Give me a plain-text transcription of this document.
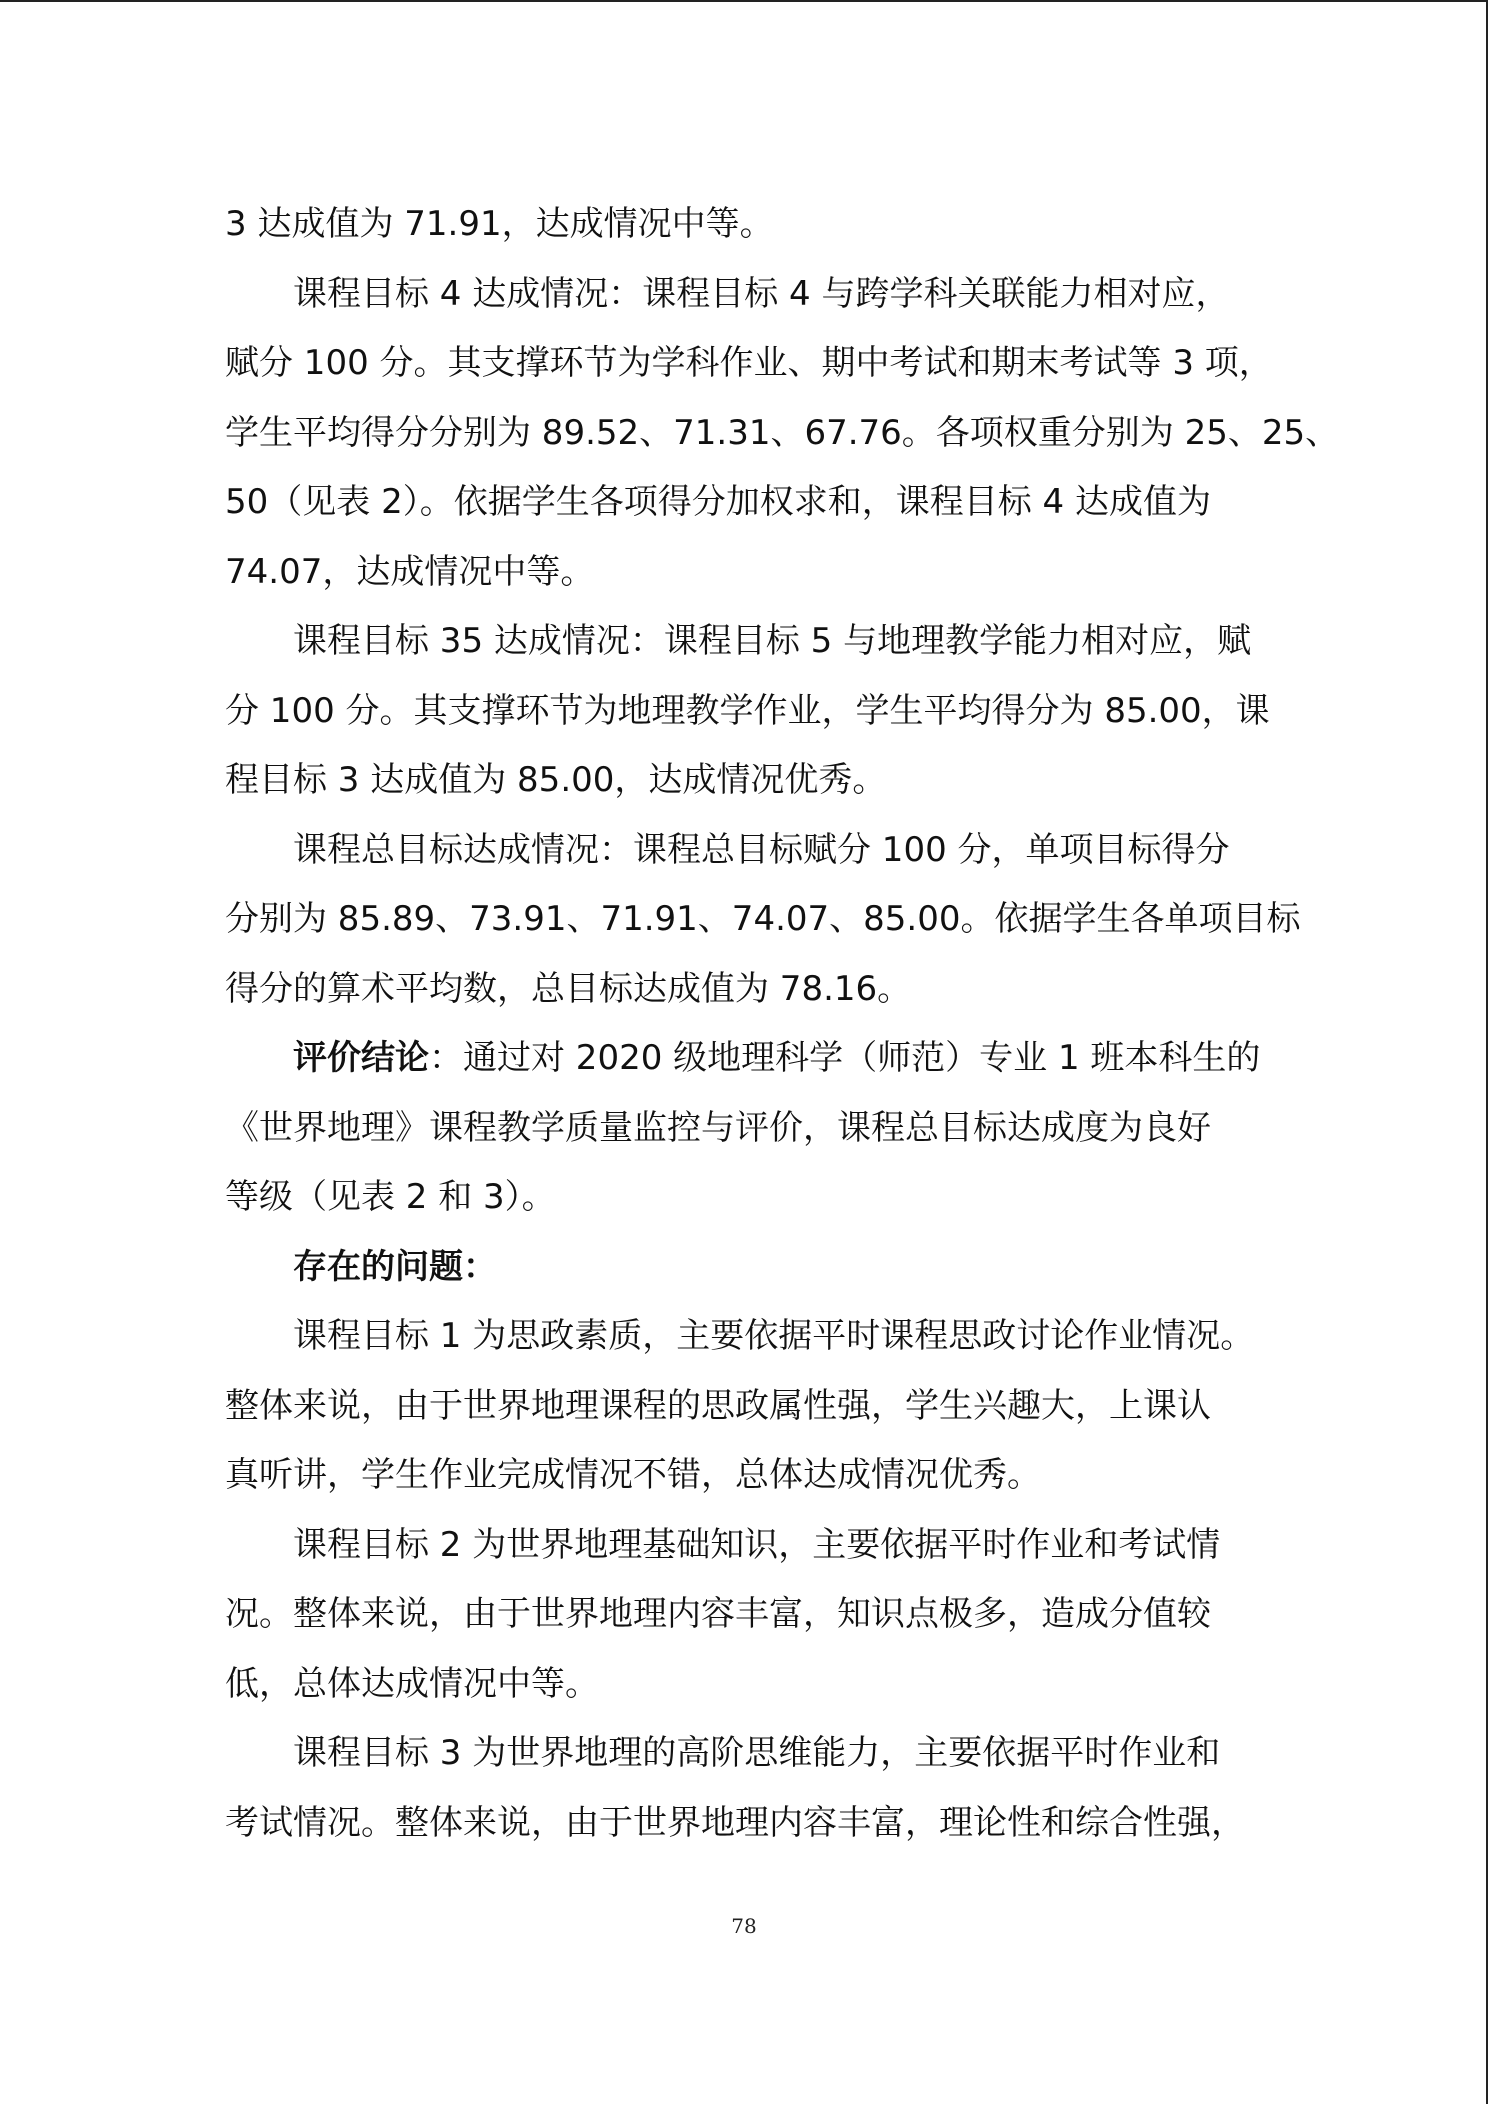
3 达成值为 71.91，达成情况中等。
课程目标 4 达成情况：课程目标 4 与跨学科关联能力相对应，
赋分 100 分。其支撑环节为学科作业、期中考试和期末考试等 3 项，
学生平均得分分别为 89.52、71.31、67.76。各项权重分别为 25、25、
50（见表 2）。依据学生各项得分加权求和，课程目标 4 达成值为
74.07，达成情况中等。
课程目标 35 达成情况：课程目标 5 与地理教学能力相对应，赋
分 100 分。其支撑环节为地理教学作业，学生平均得分为 85.00，课
程目标 3 达成值为 85.00，达成情况优秀。
课程总目标达成情况：课程总目标赋分 100 分，单项目标得分
分别为 85.89、73.91、71.91、74.07、85.00。依据学生各单项目标
得分的算术平均数，总目标达成值为 78.16。
评价结论：通过对 2020 级地理科学（师范）专业 1 班本科生的
《世界地理》课程教学质量监控与评价，课程总目标达成度为良好
等级（见表 2 和 3）。
存在的问题：
课程目标 1 为思政素质，主要依据平时课程思政讨论作业情况。
整体来说，由于世界地理课程的思政属性强，学生兴趣大，上课认
真听讲，学生作业完成情况不错，总体达成情况优秀。
课程目标 2 为世界地理基础知识，主要依据平时作业和考试情
况。整体来说，由于世界地理内容丰富，知识点极多，造成分值较
低，总体达成情况中等。
课程目标 3 为世界地理的高阶思维能力，主要依据平时作业和
考试情况。整体来说，由于世界地理内容丰富，理论性和综合性强，
78
